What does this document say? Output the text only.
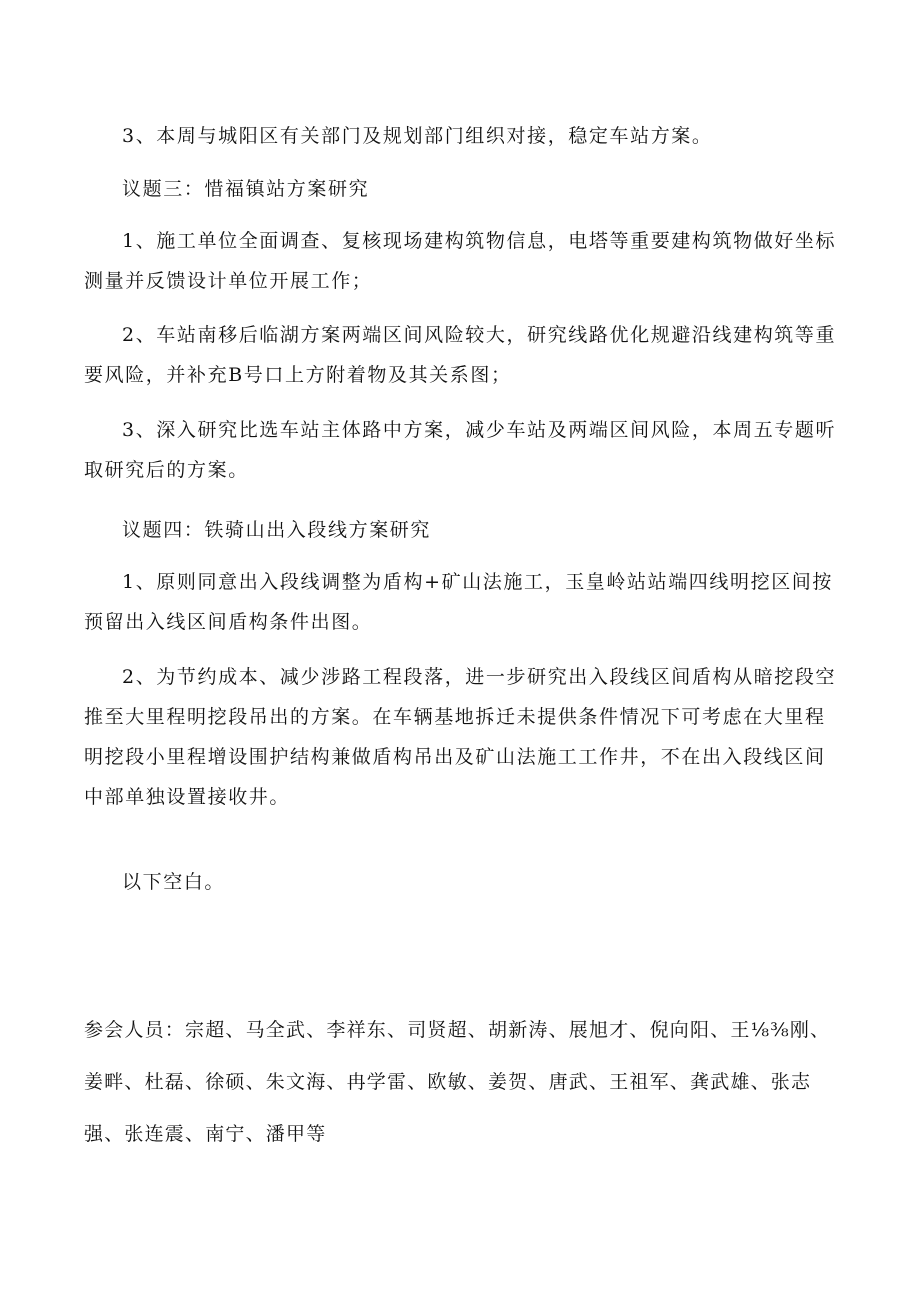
3、本周与城阳区有关部门及规划部门组织对接，稳定车站方案。

议题三：惜福镇站方案研究

1、施工单位全面调查、复核现场建构筑物信息，电塔等重要建构筑物做好坐标测量并反馈设计单位开展工作；

2、车站南移后临湖方案两端区间风险较大，研究线路优化规避沿线建构筑等重要风险，并补充B号口上方附着物及其关系图；

3、深入研究比选车站主体路中方案，减少车站及两端区间风险，本周五专题听取研究后的方案。

议题四：铁骑山出入段线方案研究

1、原则同意出入段线调整为盾构+矿山法施工，玉皇岭站站端四线明挖区间按预留出入线区间盾构条件出图。

2、为节约成本、减少涉路工程段落，进一步研究出入段线区间盾构从暗挖段空推至大里程明挖段吊出的方案。在车辆基地拆迁未提供条件情况下可考虑在大里程明挖段小里程增设围护结构兼做盾构吊出及矿山法施工工作井，不在出入段线区间中部单独设置接收井。

以下空白。

参会人员：宗超、马全武、李祥东、司贤超、胡新涛、展旭才、倪向阳、王⅛⅜刚、姜畔、杜磊、徐硕、朱文海、冉学雷、欧敏、姜贺、唐武、王祖军、龚武雄、张志强、张连震、南宁、潘甲等
